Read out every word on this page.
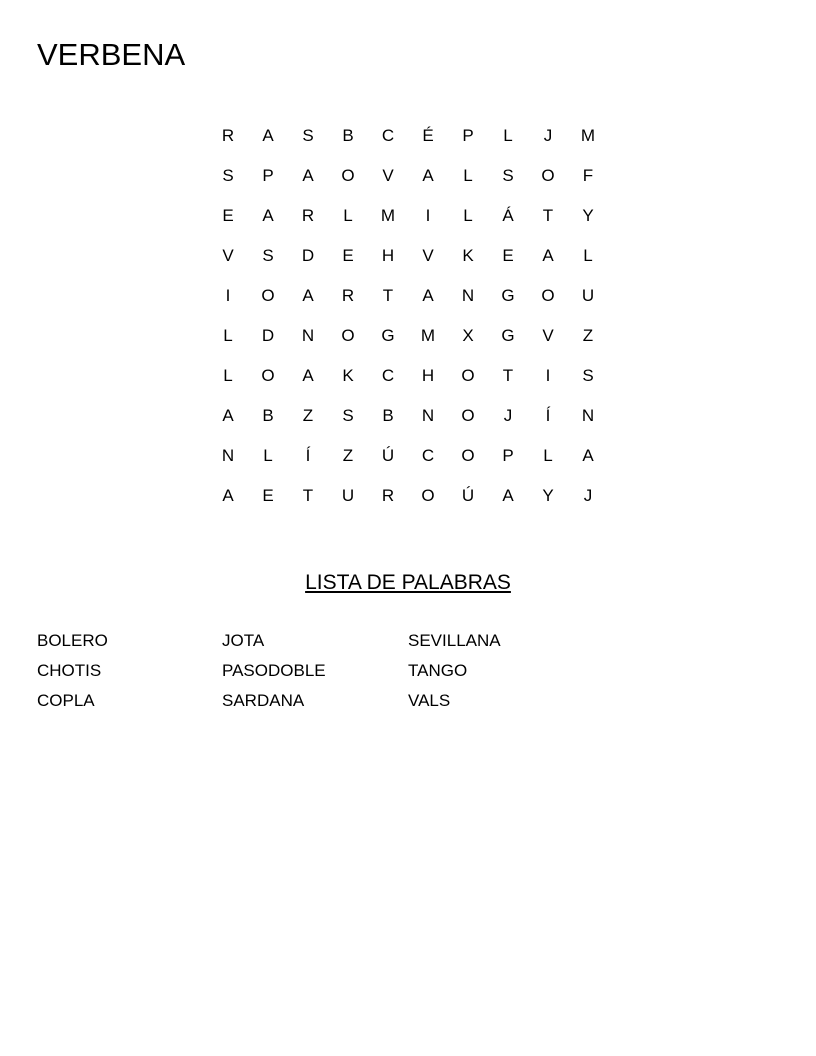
VERBENA
R	A	S	B	C	É	P	L	J	M
S	P	A	O	V	A	L	S	O	F
E	A	R	L	M	I	L	Á	T	Y
V	S	D	E	H	V	K	E	A	L
I	O	A	R	T	A	N	G	O	U
L	D	N	O	G	M	X	G	V	Z
L	O	A	K	C	H	O	T	I	S
A	B	Z	S	B	N	O	J	Í	N
N	L	Í	Z	Ú	C	O	P	L	A
A	E	T	U	R	O	Ú	A	Y	J
LISTA DE PALABRAS
BOLERO
CHOTIS
COPLA
JOTA
PASODOBLE
SARDANA
SEVILLANA
TANGO
VALS
